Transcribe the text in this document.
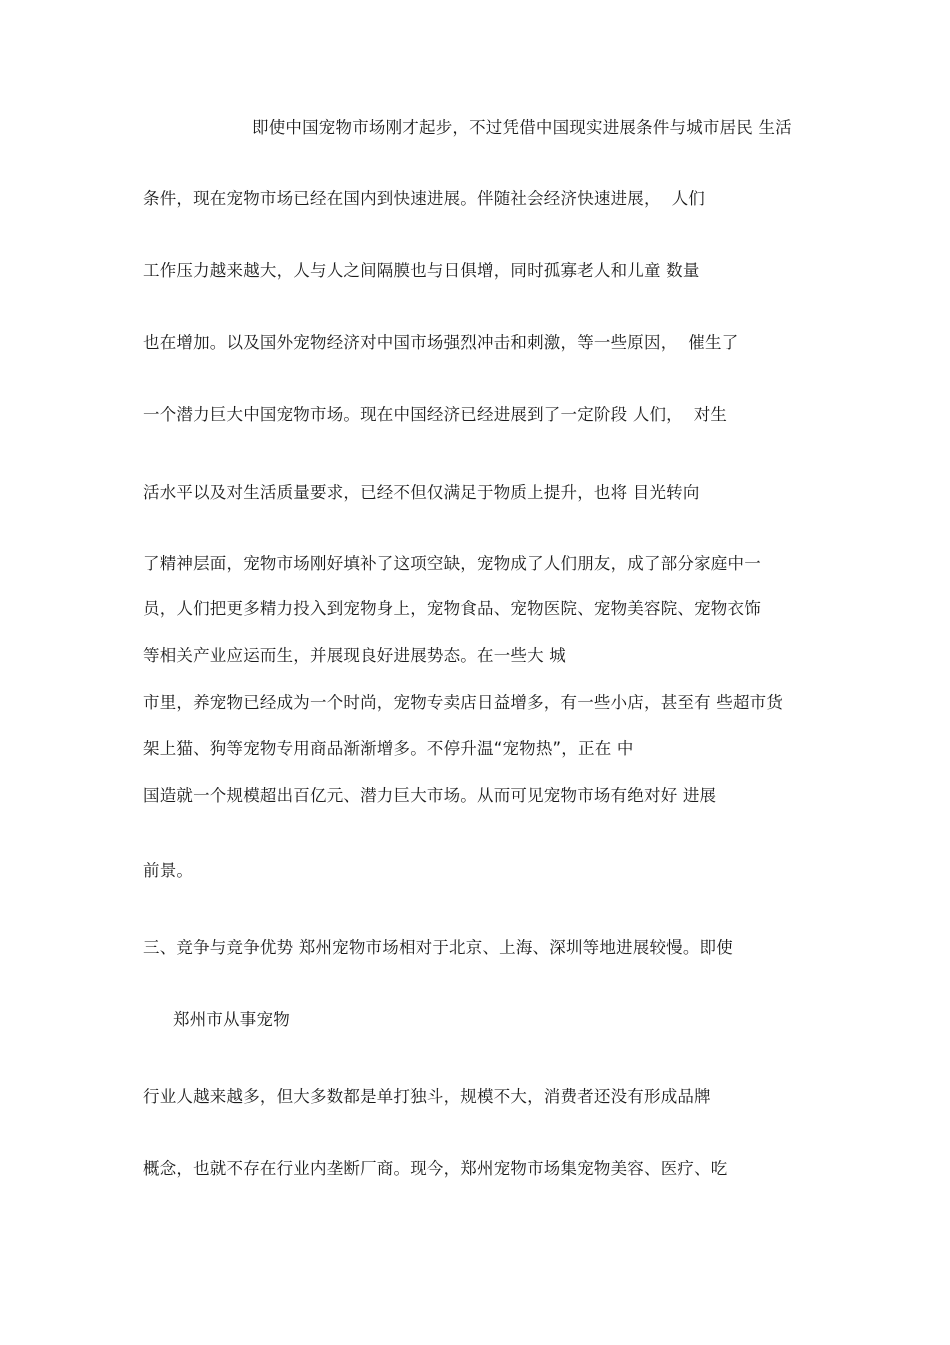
即使中国宠物市场刚才起步，不过凭借中国现实进展条件与城市居民 生活
条件，现在宠物市场已经在国内到快速进展。伴随社会经济快速进展，  人们
工作压力越来越大，人与人之间隔膜也与日俱增，同时孤寡老人和儿童 数量
也在增加。以及国外宠物经济对中国市场强烈冲击和刺激，等一些原因，  催生了
一个潜力巨大中国宠物市场。现在中国经济已经进展到了一定阶段 人们，  对生
活水平以及对生活质量要求，已经不但仅满足于物质上提升，也将 目光转向
了精神层面，宠物市场刚好填补了这项空缺，宠物成了人们朋友，成了部分家庭中一
员，人们把更多精力投入到宠物身上，宠物食品、宠物医院、宠物美容院、宠物衣饰
等相关产业应运而生，并展现良好进展势态。在一些大 城
市里，养宠物已经成为一个时尚，宠物专卖店日益增多，有一些小店，甚至有 些超市货
架上猫、狗等宠物专用商品渐渐增多。不停升温“宠物热”，正在 中
国造就一个规模超出百亿元、潜力巨大市场。从而可见宠物市场有绝对好 进展
前景。
三、竞争与竞争优势 郑州宠物市场相对于北京、上海、深圳等地进展较慢。即使
郑州市从事宠物
行业人越来越多，但大多数都是单打独斗，规模不大，消费者还没有形成品牌
概念，也就不存在行业内垄断厂商。现今，郑州宠物市场集宠物美容、医疗、吃
